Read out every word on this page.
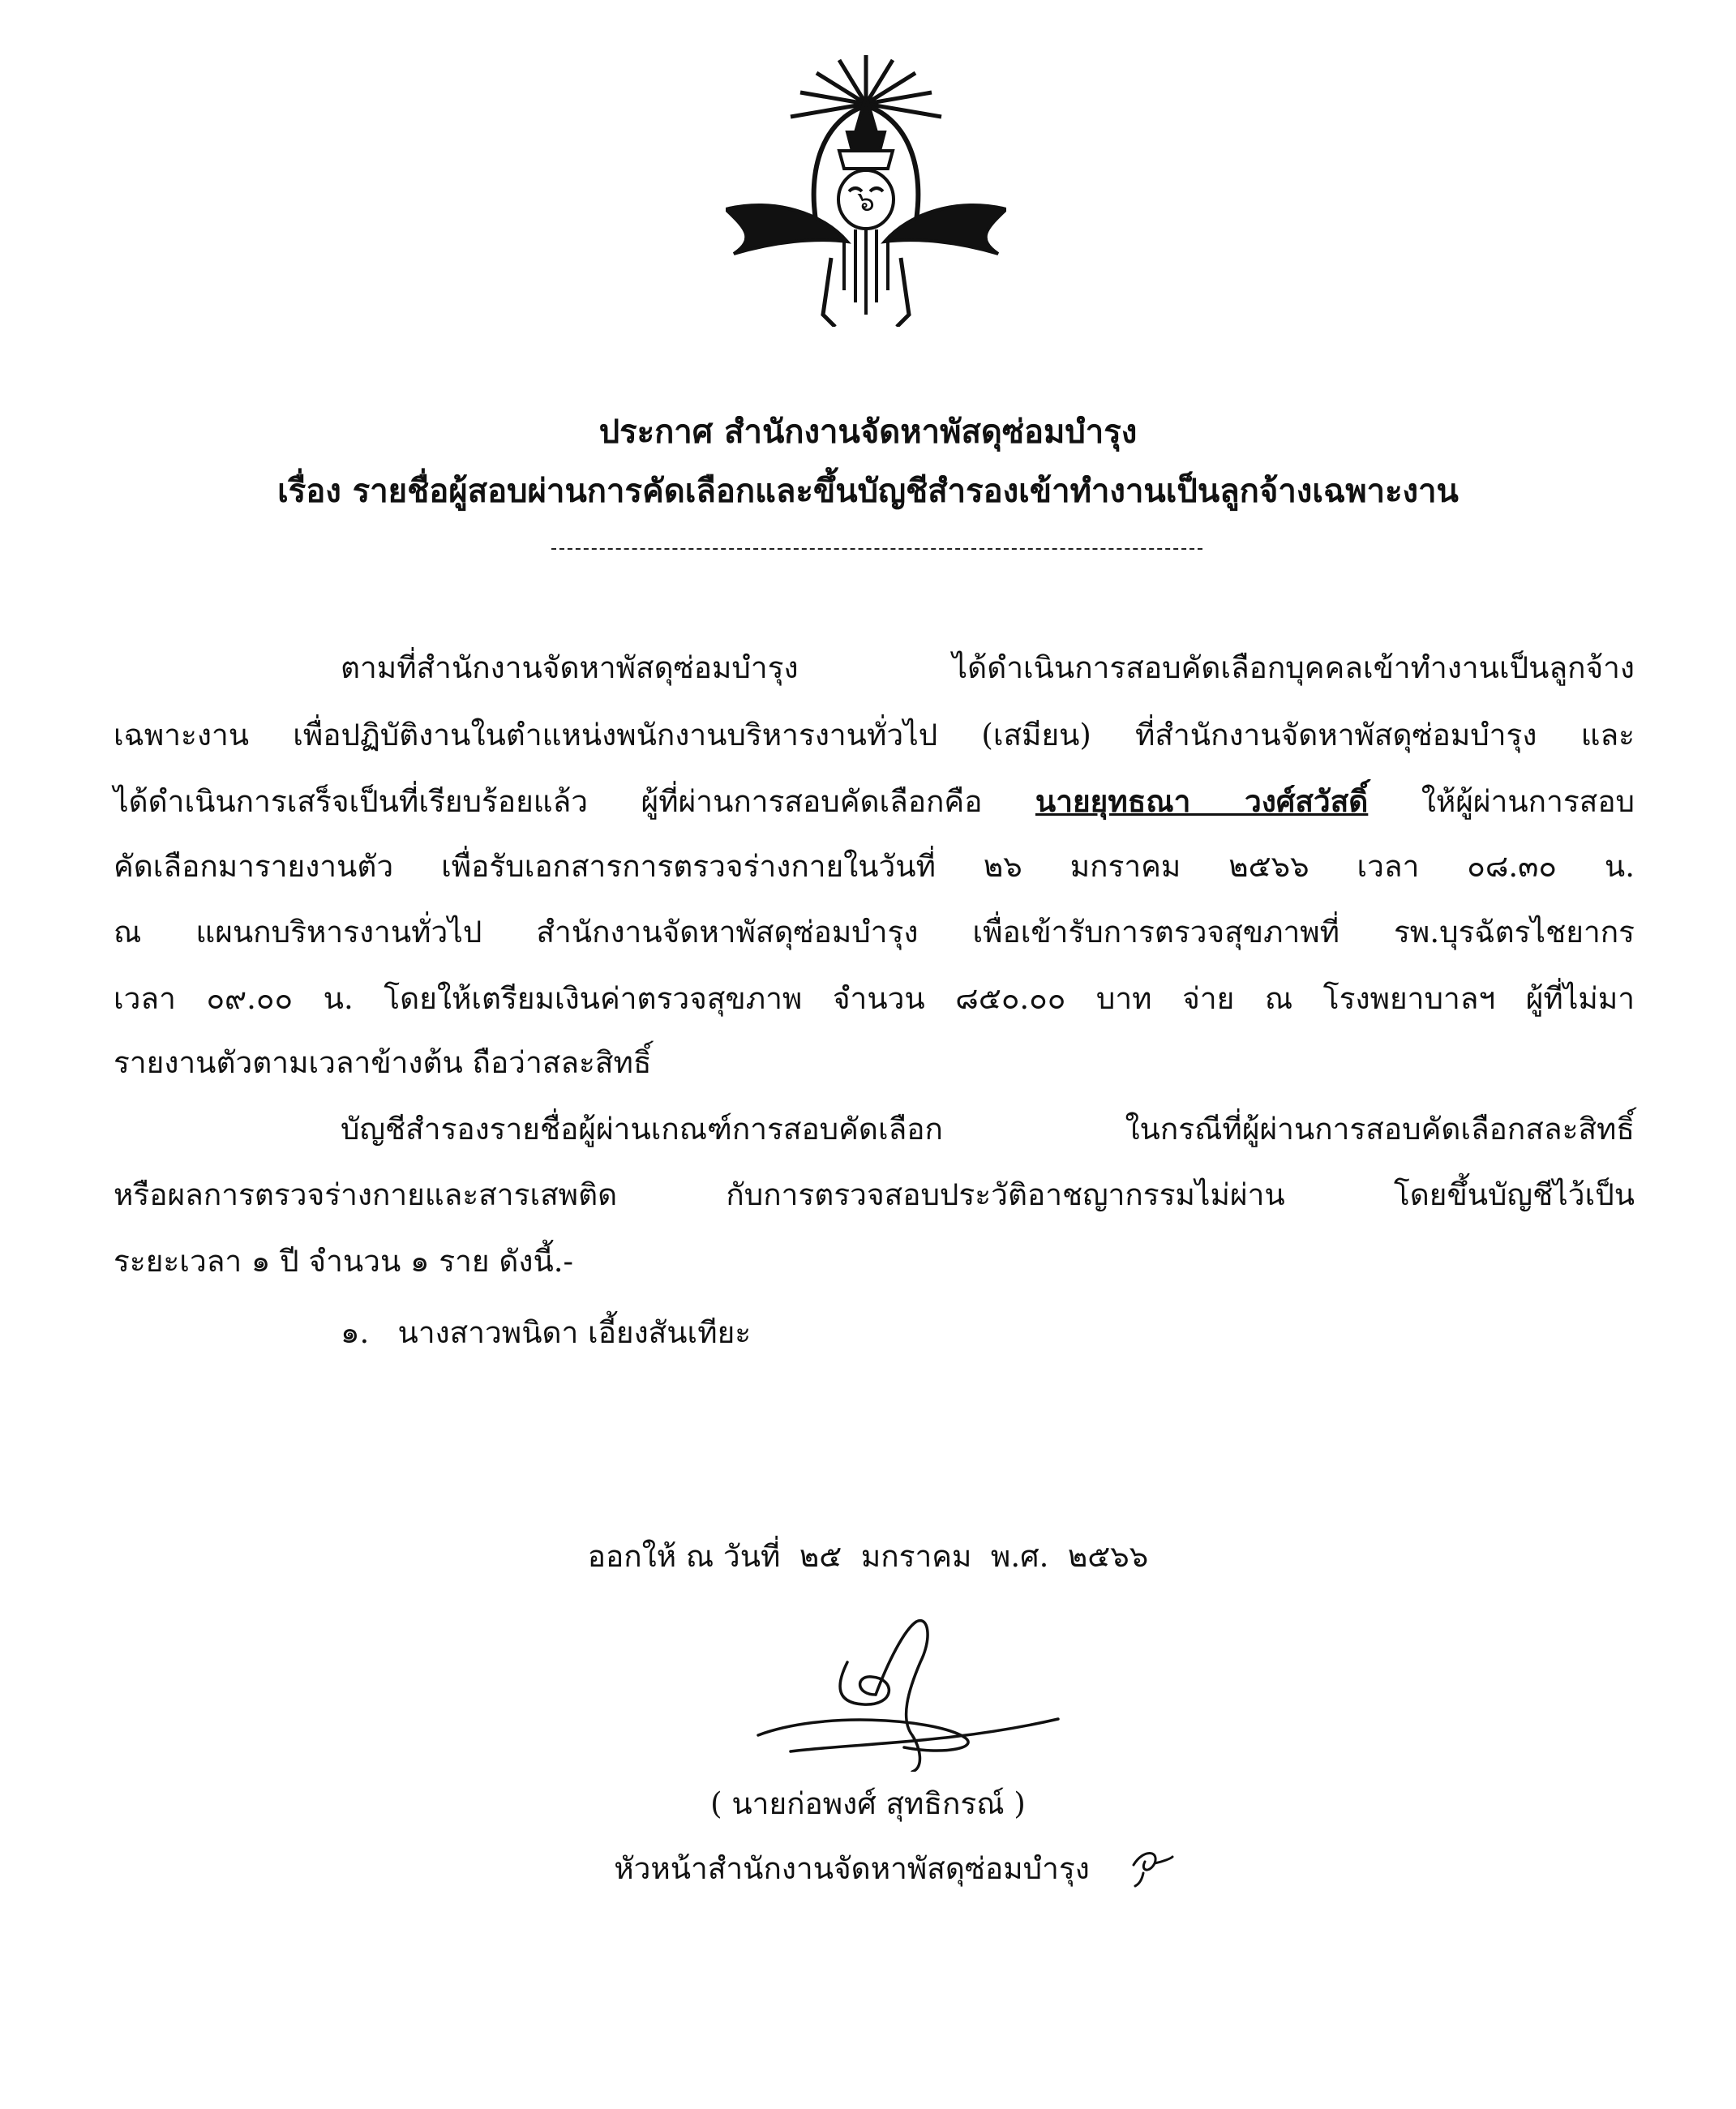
๖
ประกาศ สำนักงานจัดหาพัสดุซ่อมบำรุง
เรื่อง รายชื่อผู้สอบผ่านการคัดเลือกและขึ้นบัญชีสำรองเข้าทำงานเป็นลูกจ้างเฉพาะงาน
ตามที่สำนักงานจัดหาพัสดุซ่อมบำรุง ได้ดำเนินการสอบคัดเลือกบุคคลเข้าทำงานเป็นลูกจ้าง
เฉพาะงาน เพื่อปฏิบัติงานในตำแหน่งพนักงานบริหารงานทั่วไป (เสมียน) ที่สำนักงานจัดหาพัสดุซ่อมบำรุง และ
ได้ดำเนินการเสร็จเป็นที่เรียบร้อยแล้ว ผู้ที่ผ่านการสอบคัดเลือกคือ นายยุทธณา วงศ์สวัสดิ์ ให้ผู้ผ่านการสอบ
คัดเลือกมารายงานตัว เพื่อรับเอกสารการตรวจร่างกายในวันที่ ๒๖ มกราคม ๒๕๖๖ เวลา ๐๘.๓๐ น.
ณ แผนกบริหารงานทั่วไป สำนักงานจัดหาพัสดุซ่อมบำรุง เพื่อเข้ารับการตรวจสุขภาพที่ รพ.บุรฉัตรไชยากร
เวลา ๐๙.๐๐ น. โดยให้เตรียมเงินค่าตรวจสุขภาพ จำนวน ๘๕๐.๐๐ บาท จ่าย ณ โรงพยาบาลฯ ผู้ที่ไม่มา
รายงานตัวตามเวลาข้างต้น ถือว่าสละสิทธิ์
บัญชีสำรองรายชื่อผู้ผ่านเกณฑ์การสอบคัดเลือก ในกรณีที่ผู้ผ่านการสอบคัดเลือกสละสิทธิ์
หรือผลการตรวจร่างกายและสารเสพติด กับการตรวจสอบประวัติอาชญากรรมไม่ผ่าน โดยขึ้นบัญชีไว้เป็น
ระยะเวลา ๑ ปี จำนวน ๑ ราย ดังนี้.-
๑.   นางสาวพนิดา เอี้ยงสันเทียะ
ออกให้ ณ วันที่  ๒๕  มกราคม  พ.ศ.  ๒๕๖๖
( นายก่อพงศ์ สุทธิกรณ์ )
หัวหน้าสำนักงานจัดหาพัสดุซ่อมบำรุง
